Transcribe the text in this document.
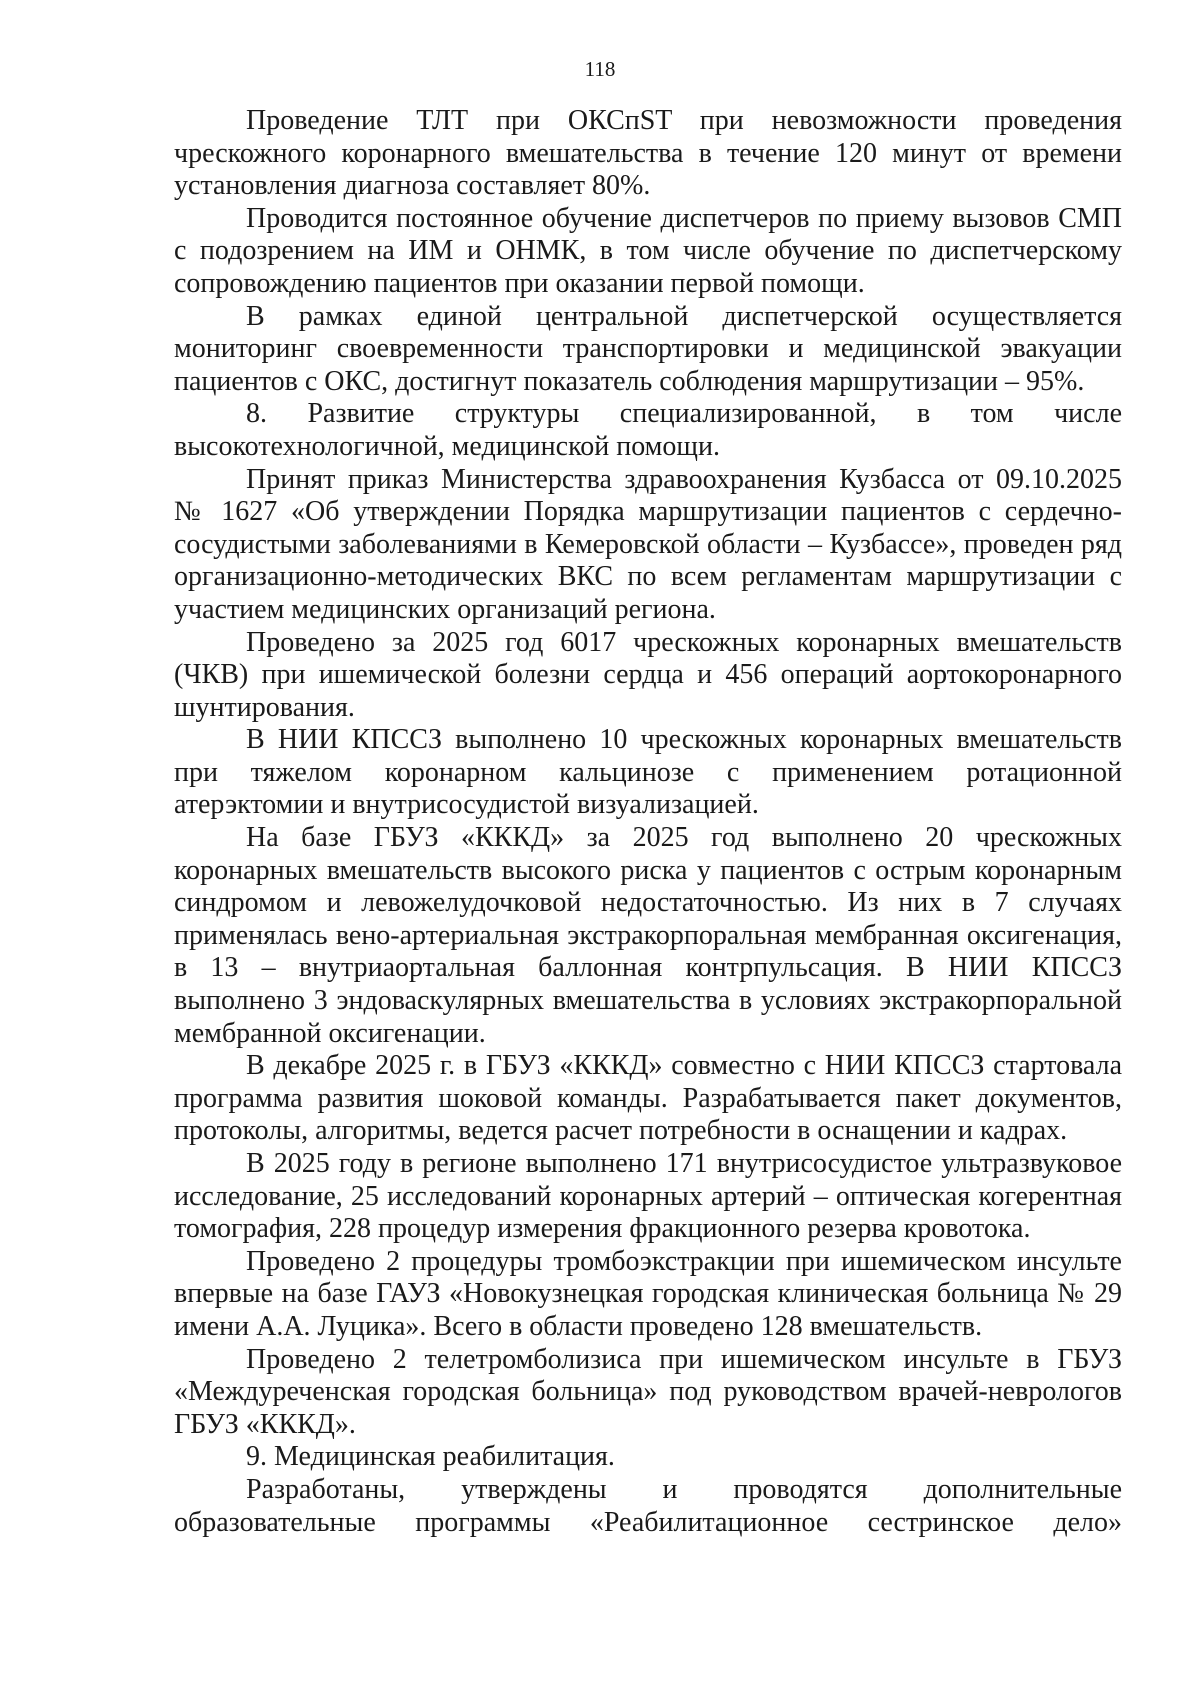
118

Проведение ТЛТ при ОКСпST при невозможности проведения чрескожного коронарного вмешательства в течение 120 минут от времени установления диагноза составляет 80%.

Проводится постоянное обучение диспетчеров по приему вызовов СМП с подозрением на ИМ и ОНМК, в том числе обучение по диспетчерскому сопровождению пациентов при оказании первой помощи.

В рамках единой центральной диспетчерской осуществляется мониторинг своевременности транспортировки и медицинской эвакуации пациентов с ОКС, достигнут показатель соблюдения маршрутизации – 95%.

8. Развитие структуры специализированной, в том числе высокотехнологичной, медицинской помощи.

Принят приказ Министерства здравоохранения Кузбасса от 09.10.2025 № 1627 «Об утверждении Порядка маршрутизации пациентов с сердечно-сосудистыми заболеваниями в Кемеровской области – Кузбассе», проведен ряд организационно-методических ВКС по всем регламентам маршрутизации с участием медицинских организаций региона.

Проведено за 2025 год 6017 чрескожных коронарных вмешательств (ЧКВ) при ишемической болезни сердца и 456 операций аортокоронарного шунтирования.

В НИИ КПССЗ выполнено 10 чрескожных коронарных вмешательств при тяжелом коронарном кальцинозе с применением ротационной атерэктомии и внутрисосудистой визуализацией.

На базе ГБУЗ «КККД» за 2025 год выполнено 20 чрескожных коронарных вмешательств высокого риска у пациентов с острым коронарным синдромом и левожелудочковой недостаточностью. Из них в 7 случаях применялась вено-артериальная экстракорпоральная мембранная оксигенация, в 13 – внутриаортальная баллонная контрпульсация. В НИИ КПССЗ выполнено 3 эндоваскулярных вмешательства в условиях экстракорпоральной мембранной оксигенации.

В декабре 2025 г. в ГБУЗ «КККД» совместно с НИИ КПССЗ стартовала программа развития шоковой команды. Разрабатывается пакет документов, протоколы, алгоритмы, ведется расчет потребности в оснащении и кадрах.

В 2025 году в регионе выполнено 171 внутрисосудистое ультразвуковое исследование, 25 исследований коронарных артерий – оптическая когерентная томография, 228 процедур измерения фракционного резерва кровотока.

Проведено 2 процедуры тромбоэкстракции при ишемическом инсульте впервые на базе ГАУЗ «Новокузнецкая городская клиническая больница № 29 имени А.А. Луцика». Всего в области проведено 128 вмешательств.

Проведено 2 телетромболизиса при ишемическом инсульте в ГБУЗ «Междуреченская городская больница» под руководством врачей-неврологов ГБУЗ «КККД».

9. Медицинская реабилитация.

Разработаны, утверждены и проводятся дополнительные образовательные программы «Реабилитационное сестринское дело»
